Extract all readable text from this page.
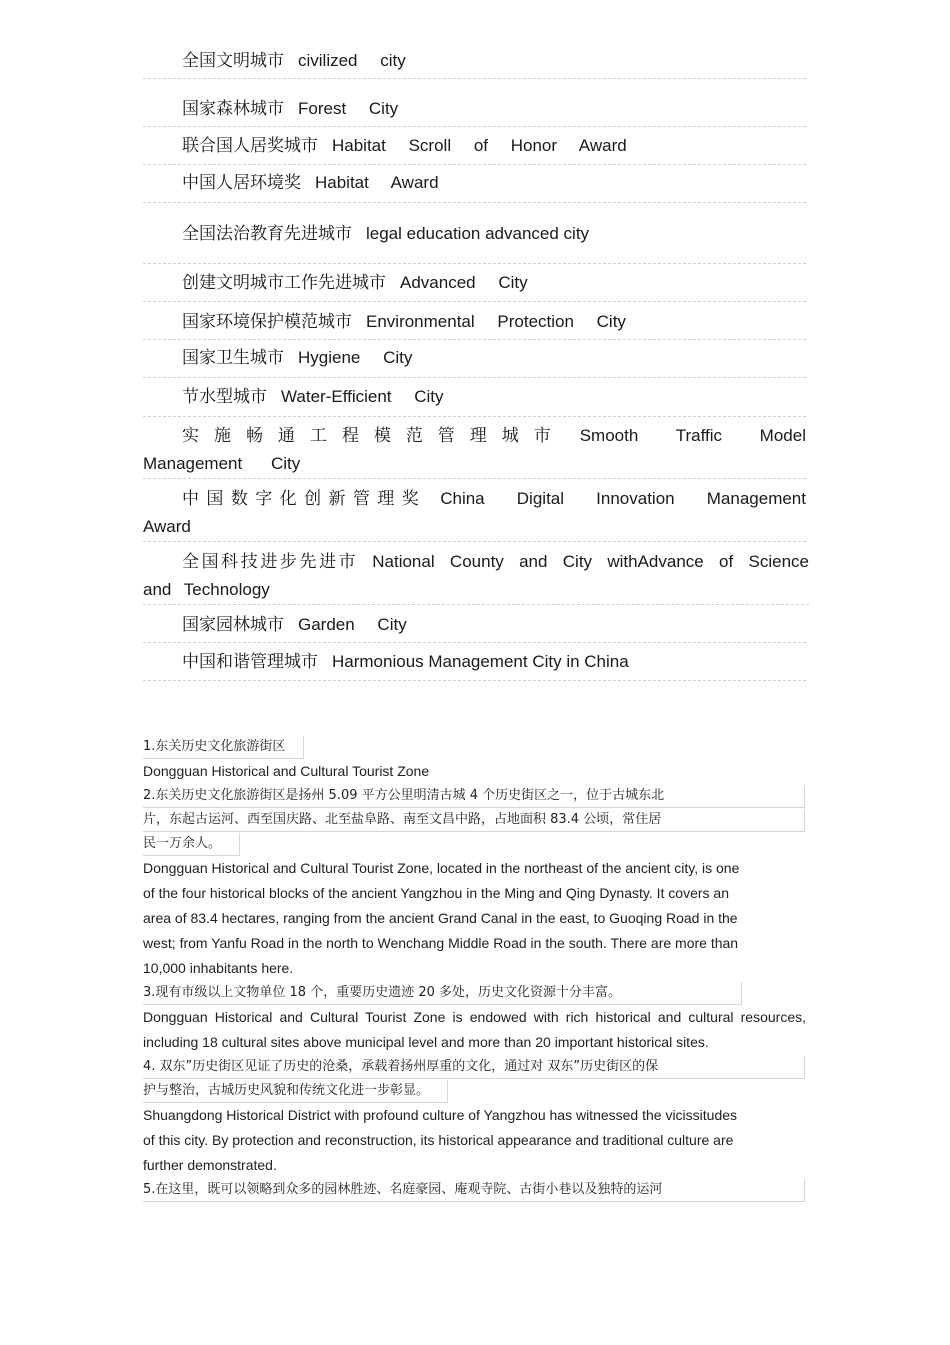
全国文明城市 civilized city
国家森林城市 Forest City
联合国人居奖城市 Habitat Scroll of Honor Award
中国人居环境奖 Habitat Award
全国法治教育先进城市 legal education advanced city
创建文明城市工作先进城市 Advanced City
国家环境保护模范城市 Environmental Protection City
国家卫生城市 Hygiene City
节水型城市 Water-Efficient City
实施畅通工程模范管理城市 Smooth Traffic Model Management City
中国数字化创新管理奖 China Digital Innovation Management Award
全国科技进步先进市 National County and City withAdvance of Science and Technology
国家园林城市 Garden City
中国和谐管理城市 Harmonious Management City in China
1.东关历史文化旅游街区

Dongguan Historical and Cultural Tourist Zone

2.东关历史文化旅游街区是扬州 5.09 平方公里明清古城 4 个历史街区之一，位于古城东北
片，东起古运河、西至国庆路、北至盐阜路、南至文昌中路，占地面积 83.4 公顷，常住居
民一万余人。

Dongguan Historical and Cultural Tourist Zone, located in the northeast of the ancient city, is one

of the four historical blocks of the ancient Yangzhou in the Ming and Qing Dynasty. It covers an

area of 83.4 hectares, ranging from the ancient Grand Canal in the east, to Guoqing Road in the

west; from Yanfu Road in the north to Wenchang Middle Road in the south. There are more than

10,000 inhabitants here.

3.现有市级以上文物单位 18 个，重要历史遗迹 20 多处，历史文化资源十分丰富。

Dongguan Historical and Cultural Tourist Zone is endowed with rich historical and cultural resources, including 18 cultural sites above municipal level and more than 20 important historical sites.

4. 双东”历史街区见证了历史的沧桑，承载着扬州厚重的文化，通过对 双东”历史街区的保
护与整治，古城历史风貌和传统文化进一步彰显。

Shuangdong Historical District with profound culture of Yangzhou has witnessed the vicissitudes

of this city. By protection and reconstruction, its historical appearance and traditional culture are

further demonstrated.

5.在这里，既可以领略到众多的园林胜迹、名庭豪园、庵观寺院、古街小巷以及独特的运河
